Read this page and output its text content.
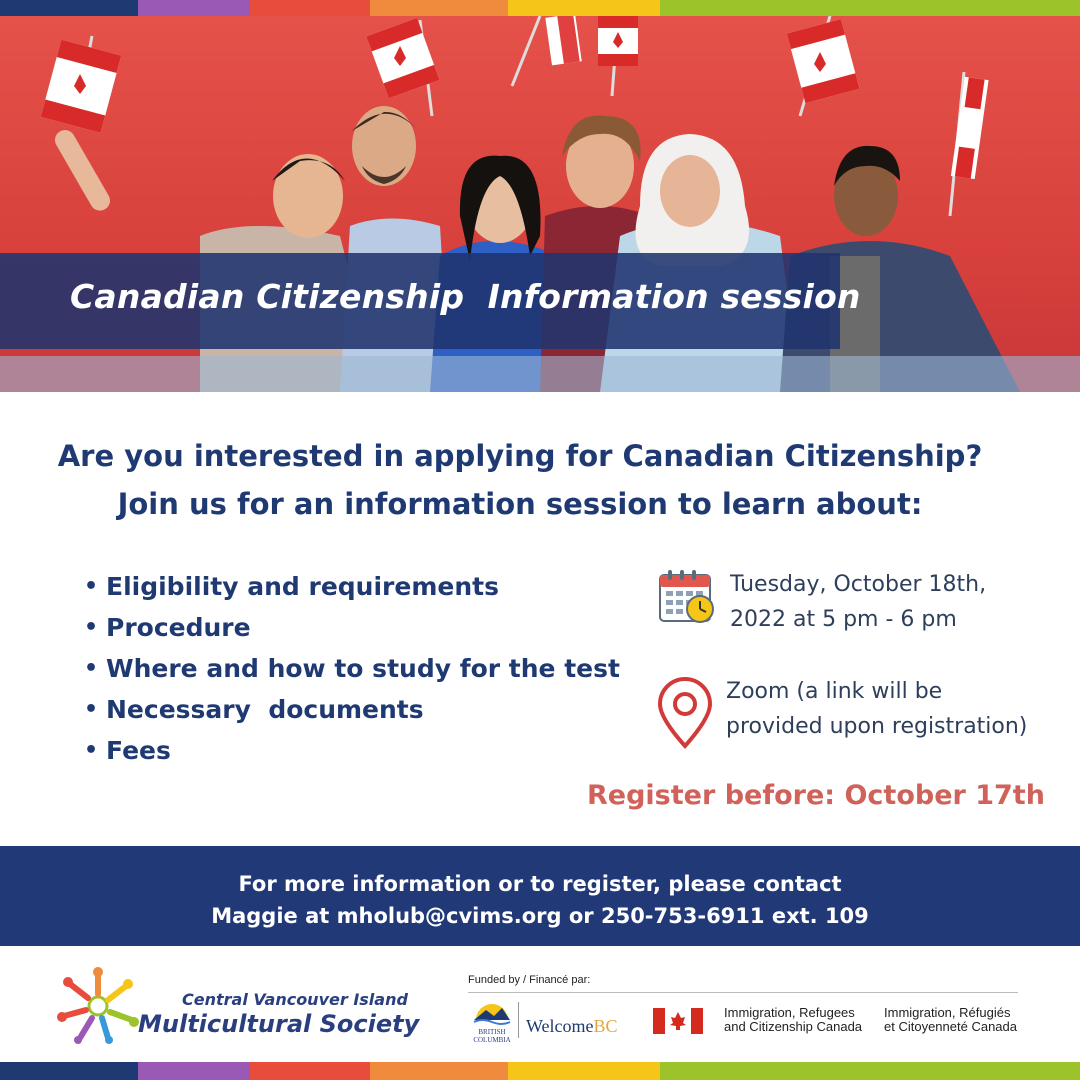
Canadian Citizenship  Information session
Are you interested in applying for Canadian Citizenship?
Join us for an information session to learn about:
• Eligibility and requirements
• Procedure
• Where and how to study for the test
• Necessary  documents
• Fees
Tuesday, October 18th,
2022 at 5 pm - 6 pm
Zoom (a link will be
provided upon registration)
Register before: October 17th
For more information or to register, please contact
Maggie at mholub@cvims.org or 250-753-6911 ext. 109
Central Vancouver Island
Multicultural Society
Funded by / Financé par:
BRITISH
COLUMBIA
WelcomeBC
Immigration, Refugees
and Citizenship Canada
Immigration, Réfugiés
et Citoyenneté Canada
